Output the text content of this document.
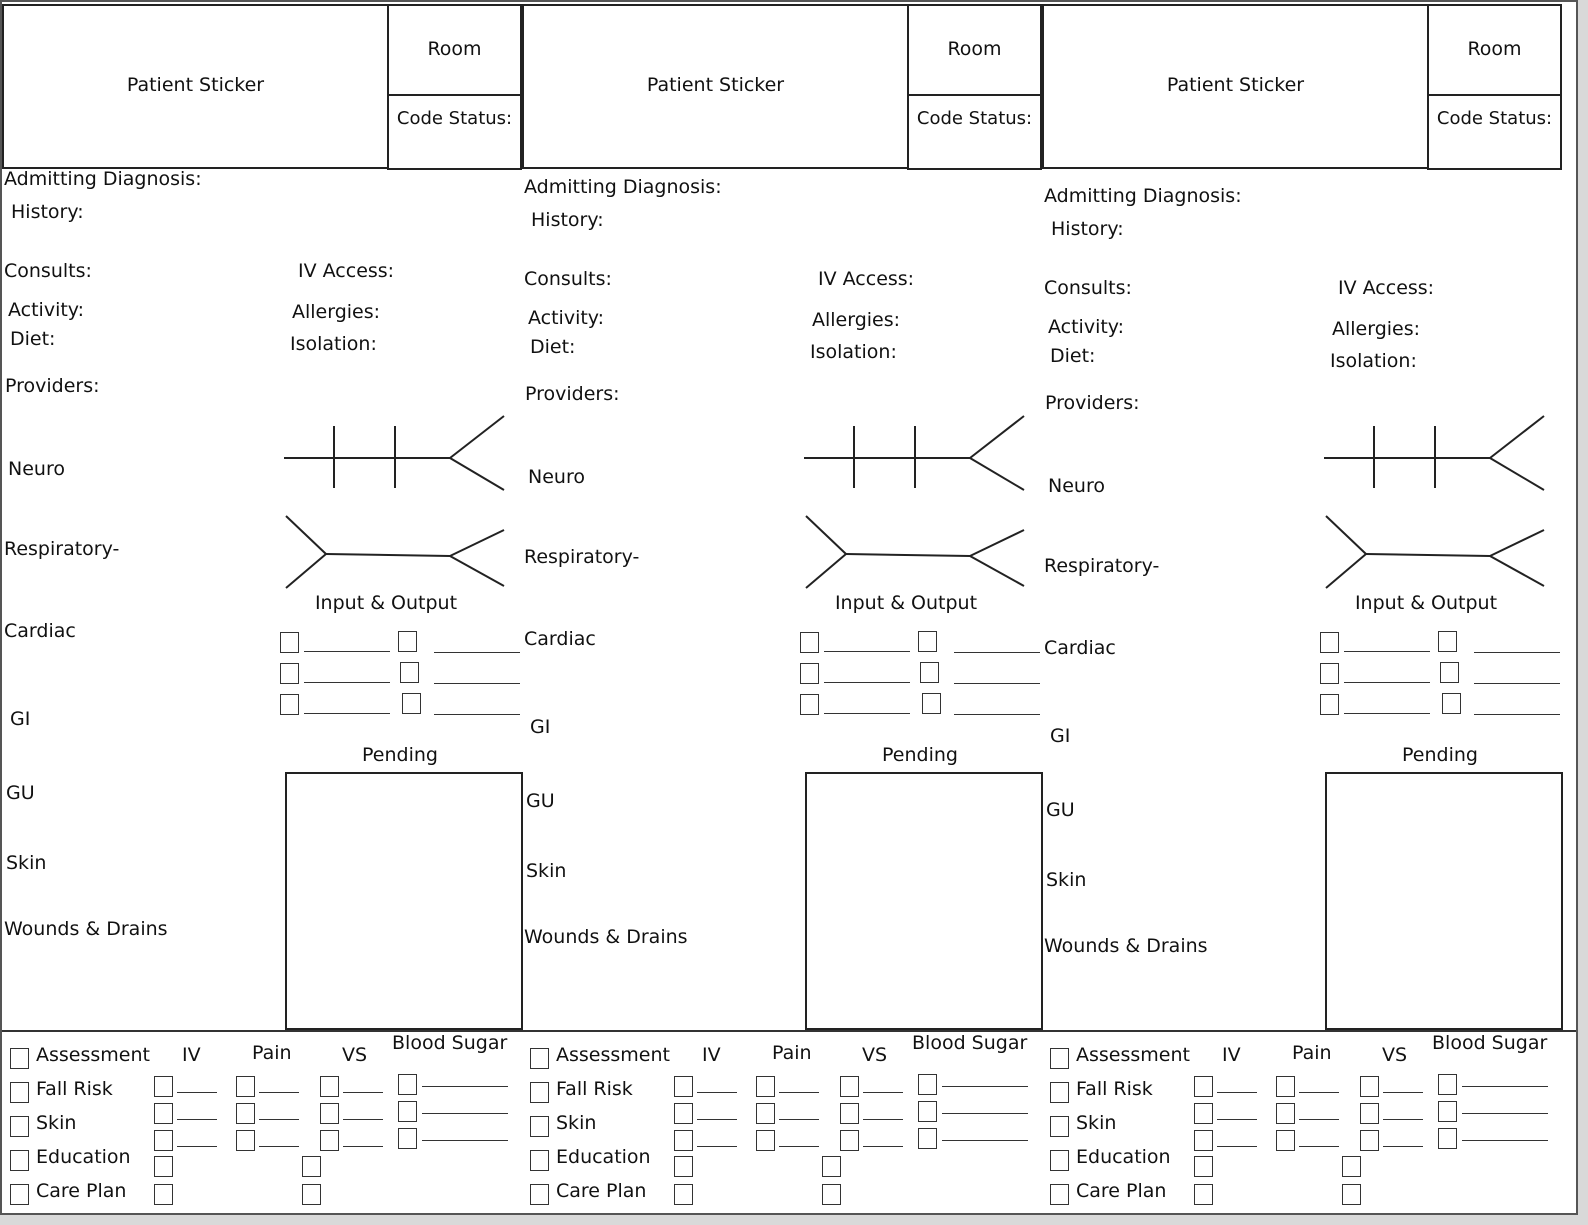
Patient Sticker
Room
Code Status:
Admitting Diagnosis:
History:
Consults:	IV Access:
Activity:	Allergies:
Diet:	Isolation:
Providers:
Neuro
Respiratory-
Cardiac
GI
GU
Skin
Wounds & Drains
Input & Output
Pending
Assessment
Fall Risk
Skin
Education
Care Plan
IV	Pain	VS
Blood Sugar
Patient Sticker
Room
Code Status:
Admitting Diagnosis:
History:
Consults:	IV Access:
Activity:	Allergies:
Diet:	Isolation:
Providers:
Neuro
Respiratory-
Cardiac
GI
GU
Skin
Wounds & Drains
Input & Output
Pending
Assessment
Fall Risk
Skin
Education
Care Plan
IV	Pain	VS
Blood Sugar
Patient Sticker
Room
Code Status:
Admitting Diagnosis:
History:
Consults:	IV Access:
Activity:	Allergies:
Diet:	Isolation:
Providers:
Neuro
Respiratory-
Cardiac
GI
GU
Skin
Wounds & Drains
Input & Output
Pending
Assessment
Fall Risk
Skin
Education
Care Plan
IV	Pain	VS
Blood Sugar
